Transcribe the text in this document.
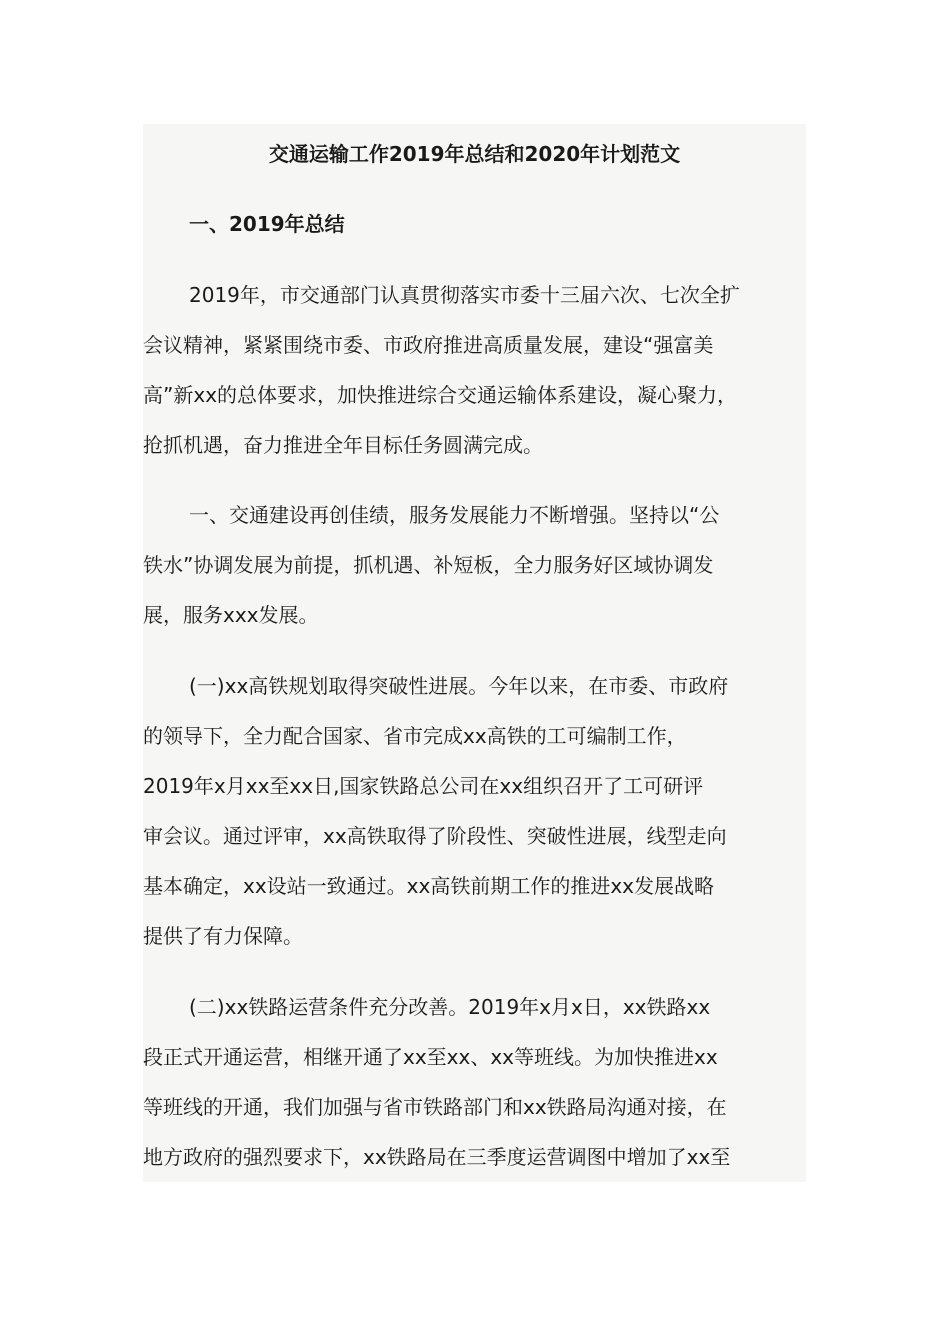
交通运输工作2019年总结和2020年计划范文
一、2019年总结
2019年，市交通部门认真贯彻落实市委十三届六次、七次全扩
会议精神，紧紧围绕市委、市政府推进高质量发展，建设“强富美
高”新xx的总体要求，加快推进综合交通运输体系建设，凝心聚力，
抢抓机遇，奋力推进全年目标任务圆满完成。
一、交通建设再创佳绩，服务发展能力不断增强。坚持以“公
铁水”协调发展为前提，抓机遇、补短板，全力服务好区域协调发
展，服务xxx发展。
(一)xx高铁规划取得突破性进展。今年以来，在市委、市政府
的领导下，全力配合国家、省市完成xx高铁的工可编制工作，
2019年x月xx至xx日,国家铁路总公司在xx组织召开了工可研评
审会议。通过评审，xx高铁取得了阶段性、突破性进展，线型走向
基本确定，xx设站一致通过。xx高铁前期工作的推进xx发展战略
提供了有力保障。
(二)xx铁路运营条件充分改善。2019年x月x日，xx铁路xx
段正式开通运营，相继开通了xx至xx、xx等班线。为加快推进xx
等班线的开通，我们加强与省市铁路部门和xx铁路局沟通对接，在
地方政府的强烈要求下，xx铁路局在三季度运营调图中增加了xx至
